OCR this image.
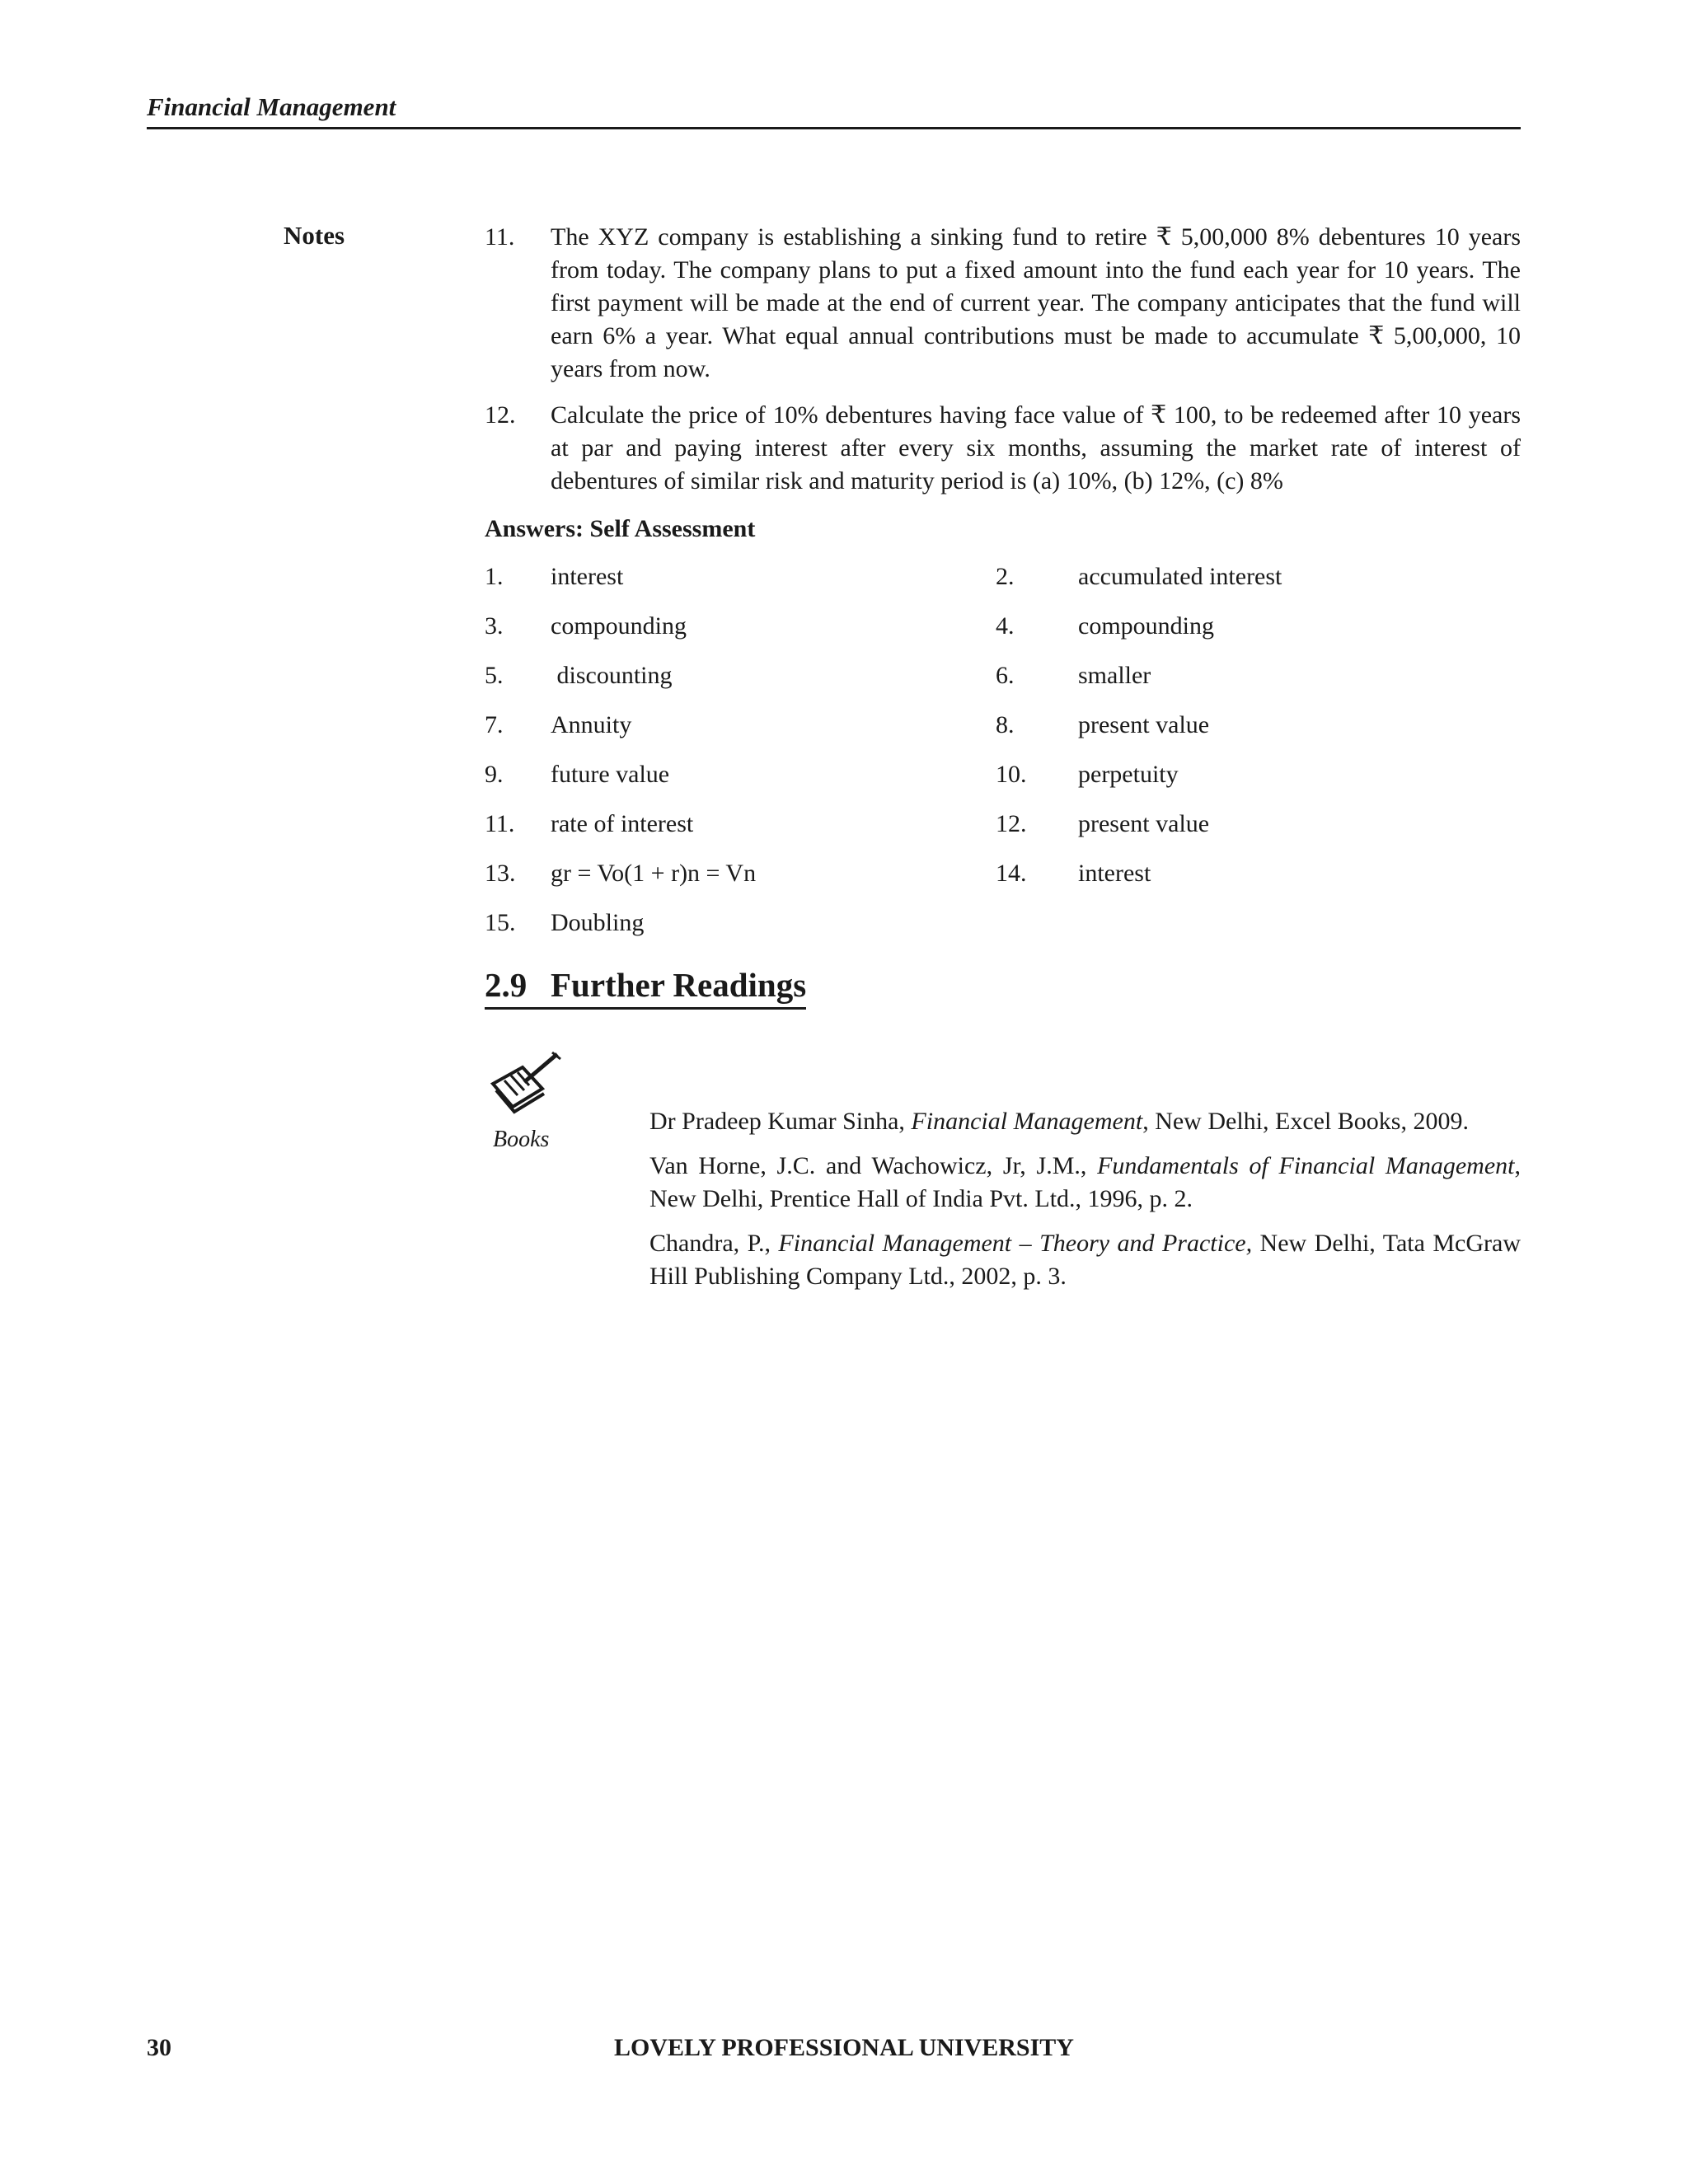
Financial Management
Notes	11.	The XYZ company is establishing a sinking fund to retire ₹ 5,00,000 8% debentures 10 years from today. The company plans to put a fixed amount into the fund each year for 10 years. The first payment will be made at the end of current year. The company anticipates that the fund will earn 6% a year. What equal annual contributions must be made to accumulate ₹ 5,00,000, 10 years from now.
12.	Calculate the price of 10% debentures having face value of ₹ 100, to be redeemed after 10 years at par and paying interest after every six months, assuming the market rate of interest of debentures of similar risk and maturity period is (a) 10%, (b) 12%, (c) 8%
Answers: Self Assessment
1.	interest	2.	accumulated interest
3.	compounding	4.	compounding
5.	discounting	6.	smaller
7.	Annuity	8.	present value
9.	future value	10.	perpetuity
11.	rate of interest	12.	present value
13.	gr = Vo(1 + r)n = Vn	14.	interest
15.	Doubling
2.9 Further Readings
Books
Dr Pradeep Kumar Sinha, Financial Management, New Delhi, Excel Books, 2009.
Van Horne, J.C. and Wachowicz, Jr, J.M., Fundamentals of Financial Management, New Delhi, Prentice Hall of India Pvt. Ltd., 1996, p. 2.
Chandra, P., Financial Management – Theory and Practice, New Delhi, Tata McGraw Hill Publishing Company Ltd., 2002, p. 3.
LOVELY PROFESSIONAL UNIVERSITY
30
